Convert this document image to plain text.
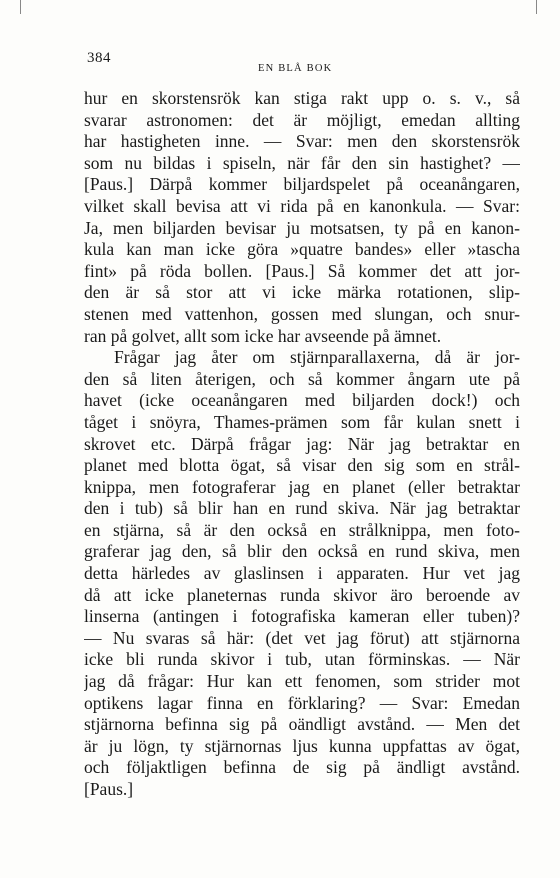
384
EN BLÅ BOK
hur en skorstensrök kan stiga rakt upp o. s. v., så
svarar astronomen: det är möjligt, emedan allting
har hastigheten inne. — Svar: men den skorstensrök
som nu bildas i spiseln, när får den sin hastighet? —
[Paus.] Därpå kommer biljardspelet på oceanångaren,
vilket skall bevisa att vi rida på en kanonkula. — Svar:
Ja, men biljarden bevisar ju motsatsen, ty på en kanon-
kula kan man icke göra »quatre bandes» eller »tascha
fint» på röda bollen. [Paus.] Så kommer det att jor-
den är så stor att vi icke märka rotationen, slip-
stenen med vattenhon, gossen med slungan, och snur-
ran på golvet, allt som icke har avseende på ämnet.
Frågar jag åter om stjärnparallaxerna, då är jor-
den så liten återigen, och så kommer ångarn ute på
havet (icke oceanångaren med biljarden dock!) och
tåget i snöyra, Thames-prämen som får kulan snett i
skrovet etc. Därpå frågar jag: När jag betraktar en
planet med blotta ögat, så visar den sig som en strål-
knippa, men fotograferar jag en planet (eller betraktar
den i tub) så blir han en rund skiva. När jag betraktar
en stjärna, så är den också en strålknippa, men foto-
graferar jag den, så blir den också en rund skiva, men
detta härledes av glaslinsen i apparaten. Hur vet jag
då att icke planeternas runda skivor äro beroende av
linserna (antingen i fotografiska kameran eller tuben)?
— Nu svaras så här: (det vet jag förut) att stjärnorna
icke bli runda skivor i tub, utan förminskas. — När
jag då frågar: Hur kan ett fenomen, som strider mot
optikens lagar finna en förklaring? — Svar: Emedan
stjärnorna befinna sig på oändligt avstånd. — Men det
är ju lögn, ty stjärnornas ljus kunna uppfattas av ögat,
och följaktligen befinna de sig på ändligt avstånd.
[Paus.]
